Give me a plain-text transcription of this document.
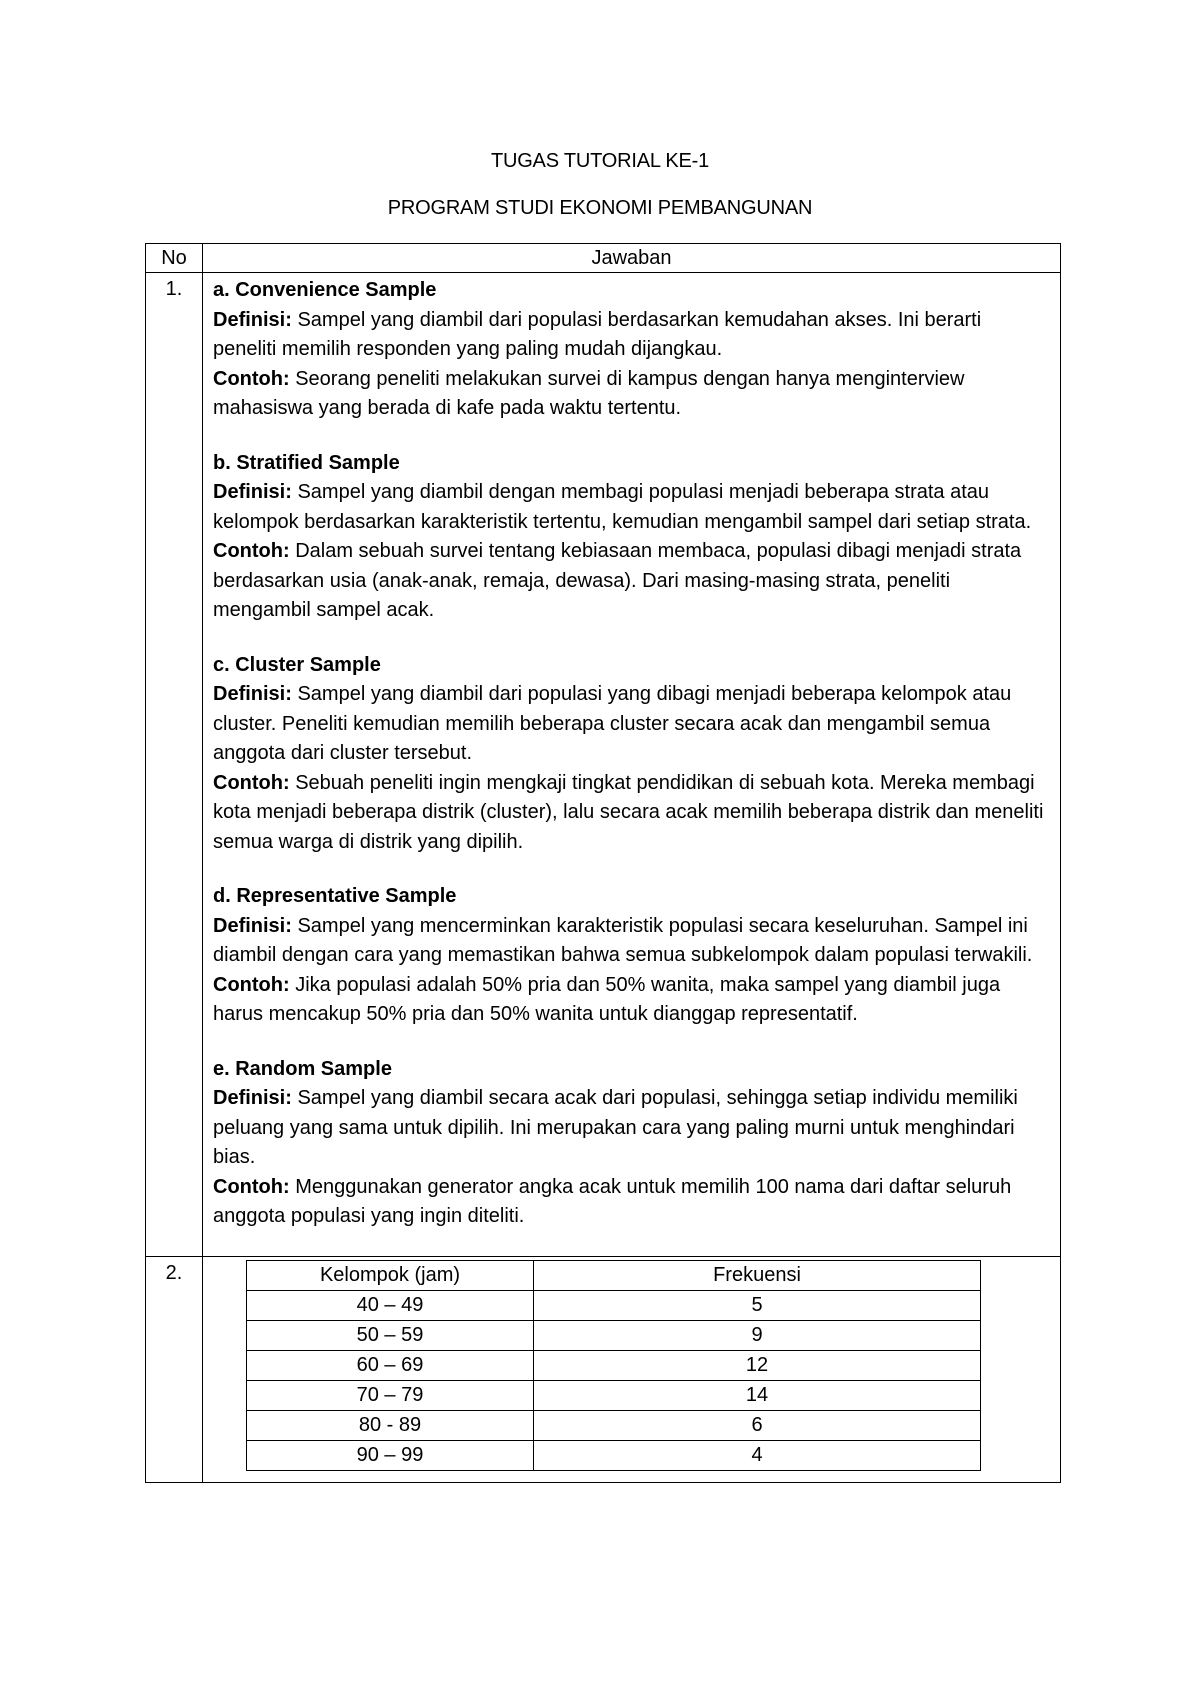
TUGAS TUTORIAL KE-1
PROGRAM STUDI EKONOMI PEMBANGUNAN
No	Jawaban
1.	a. Convenience Sample

Definisi: Sampel yang diambil dari populasi berdasarkan kemudahan akses. Ini berarti peneliti memilih responden yang paling mudah dijangkau.

Contoh: Seorang peneliti melakukan survei di kampus dengan hanya menginterview mahasiswa yang berada di kafe pada waktu tertentu.

b. Stratified Sample

Definisi: Sampel yang diambil dengan membagi populasi menjadi beberapa strata atau kelompok berdasarkan karakteristik tertentu, kemudian mengambil sampel dari setiap strata.

Contoh: Dalam sebuah survei tentang kebiasaan membaca, populasi dibagi menjadi strata berdasarkan usia (anak-anak, remaja, dewasa). Dari masing-masing strata, peneliti mengambil sampel acak.

c. Cluster Sample

Definisi: Sampel yang diambil dari populasi yang dibagi menjadi beberapa kelompok atau cluster. Peneliti kemudian memilih beberapa cluster secara acak dan mengambil semua anggota dari cluster tersebut.

Contoh: Sebuah peneliti ingin mengkaji tingkat pendidikan di sebuah kota. Mereka membagi kota menjadi beberapa distrik (cluster), lalu secara acak memilih beberapa distrik dan meneliti semua warga di distrik yang dipilih.

d. Representative Sample

Definisi: Sampel yang mencerminkan karakteristik populasi secara keseluruhan. Sampel ini diambil dengan cara yang memastikan bahwa semua subkelompok dalam populasi terwakili.

Contoh: Jika populasi adalah 50% pria dan 50% wanita, maka sampel yang diambil juga harus mencakup 50% pria dan 50% wanita untuk dianggap representatif.

e. Random Sample

Definisi: Sampel yang diambil secara acak dari populasi, sehingga setiap individu memiliki peluang yang sama untuk dipilih. Ini merupakan cara yang paling murni untuk menghindari bias.

Contoh: Menggunakan generator angka acak untuk memilih 100 nama dari daftar seluruh anggota populasi yang ingin diteliti.

2.		Kelompok (jam)	Frekuensi
40 – 49	5
50 – 59	9
60 – 69	12
70 – 79	14
80 - 89	6
90 – 99	4
